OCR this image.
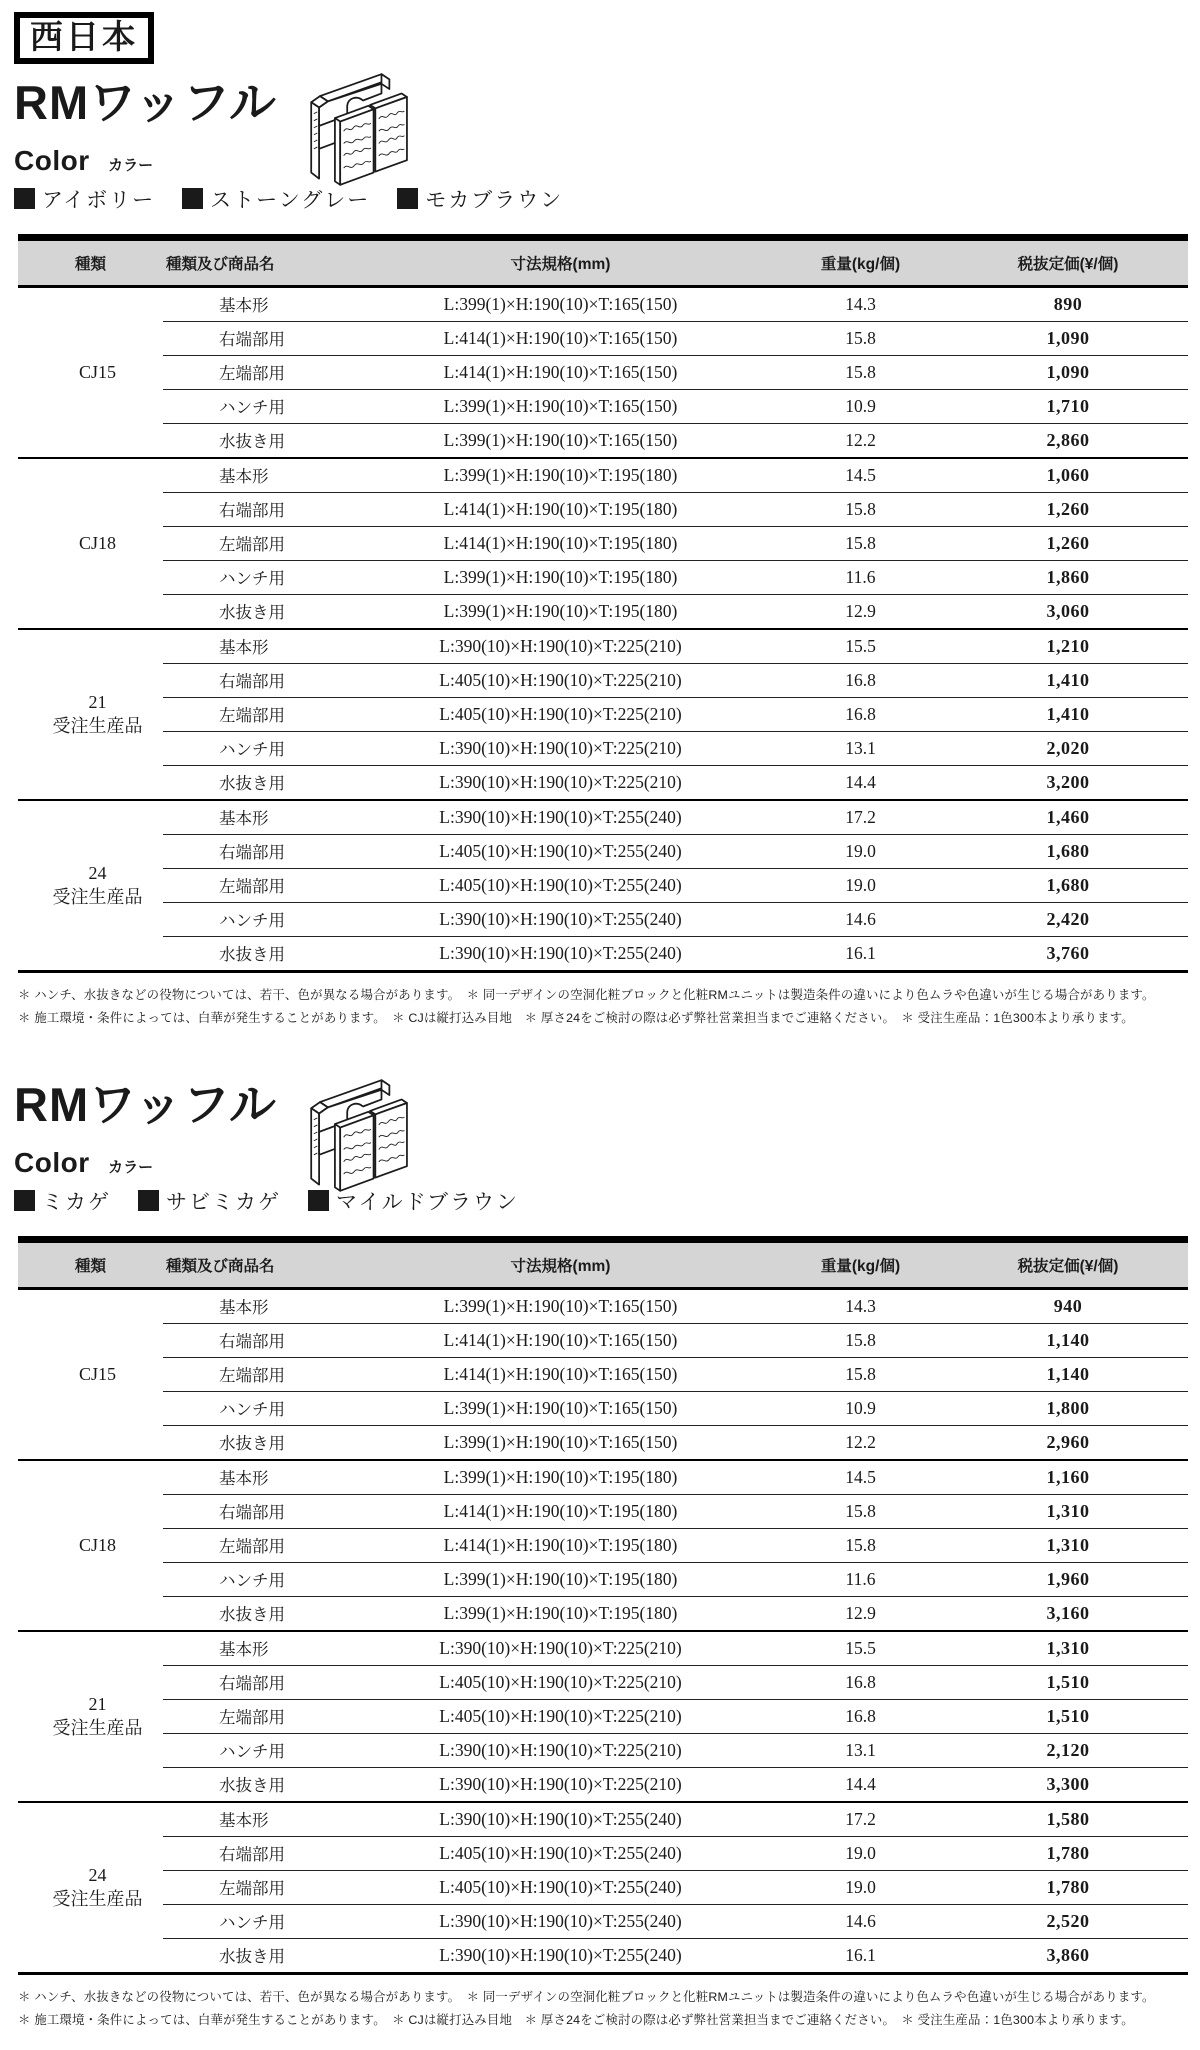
西日本
RMワッフル
Color カラー
アイボリー	ストーングレー	モカブラウン
種類	種類及び商品名	寸法規格(mm)	重量(kg/個)	税抜定価(¥/個)

CJ15	基本形	L:399(1)×H:190(10)×T:165(150)	14.3	890
	右端部用	L:414(1)×H:190(10)×T:165(150)	15.8	1,090
	左端部用	L:414(1)×H:190(10)×T:165(150)	15.8	1,090
	ハンチ用	L:399(1)×H:190(10)×T:165(150)	10.9	1,710
	水抜き用	L:399(1)×H:190(10)×T:165(150)	12.2	2,860

CJ18	基本形	L:399(1)×H:190(10)×T:195(180)	14.5	1,060
	右端部用	L:414(1)×H:190(10)×T:195(180)	15.8	1,260
	左端部用	L:414(1)×H:190(10)×T:195(180)	15.8	1,260
	ハンチ用	L:399(1)×H:190(10)×T:195(180)	11.6	1,860
	水抜き用	L:399(1)×H:190(10)×T:195(180)	12.9	3,060

21
受注生産品	基本形	L:390(10)×H:190(10)×T:225(210)	15.5	1,210
	右端部用	L:405(10)×H:190(10)×T:225(210)	16.8	1,410
	左端部用	L:405(10)×H:190(10)×T:225(210)	16.8	1,410
	ハンチ用	L:390(10)×H:190(10)×T:225(210)	13.1	2,020
	水抜き用	L:390(10)×H:190(10)×T:225(210)	14.4	3,200

24
受注生産品	基本形	L:390(10)×H:190(10)×T:255(240)	17.2	1,460
	右端部用	L:405(10)×H:190(10)×T:255(240)	19.0	1,680
	左端部用	L:405(10)×H:190(10)×T:255(240)	19.0	1,680
	ハンチ用	L:390(10)×H:190(10)×T:255(240)	14.6	2,420
	水抜き用	L:390(10)×H:190(10)×T:255(240)	16.1	3,760
＊ ハンチ、水抜きなどの役物については、若干、色が異なる場合があります。　＊ 同一デザインの空洞化粧ブロックと化粧RMユニットは製造条件の違いにより色ムラや色違いが生じる場合があります。
＊ 施工環境・条件によっては、白華が発生することがあります。　＊ CJは縦打込み目地　＊ 厚さ24をご検討の際は必ず弊社営業担当までご連絡ください。　＊ 受注生産品：1色300本より承ります。
RMワッフル
Color カラー
ミカゲ	サビミカゲ	マイルドブラウン
種類	種類及び商品名	寸法規格(mm)	重量(kg/個)	税抜定価(¥/個)

CJ15	基本形	L:399(1)×H:190(10)×T:165(150)	14.3	940
	右端部用	L:414(1)×H:190(10)×T:165(150)	15.8	1,140
	左端部用	L:414(1)×H:190(10)×T:165(150)	15.8	1,140
	ハンチ用	L:399(1)×H:190(10)×T:165(150)	10.9	1,800
	水抜き用	L:399(1)×H:190(10)×T:165(150)	12.2	2,960

CJ18	基本形	L:399(1)×H:190(10)×T:195(180)	14.5	1,160
	右端部用	L:414(1)×H:190(10)×T:195(180)	15.8	1,310
	左端部用	L:414(1)×H:190(10)×T:195(180)	15.8	1,310
	ハンチ用	L:399(1)×H:190(10)×T:195(180)	11.6	1,960
	水抜き用	L:399(1)×H:190(10)×T:195(180)	12.9	3,160

21
受注生産品	基本形	L:390(10)×H:190(10)×T:225(210)	15.5	1,310
	右端部用	L:405(10)×H:190(10)×T:225(210)	16.8	1,510
	左端部用	L:405(10)×H:190(10)×T:225(210)	16.8	1,510
	ハンチ用	L:390(10)×H:190(10)×T:225(210)	13.1	2,120
	水抜き用	L:390(10)×H:190(10)×T:225(210)	14.4	3,300

24
受注生産品	基本形	L:390(10)×H:190(10)×T:255(240)	17.2	1,580
	右端部用	L:405(10)×H:190(10)×T:255(240)	19.0	1,780
	左端部用	L:405(10)×H:190(10)×T:255(240)	19.0	1,780
	ハンチ用	L:390(10)×H:190(10)×T:255(240)	14.6	2,520
	水抜き用	L:390(10)×H:190(10)×T:255(240)	16.1	3,860
＊ ハンチ、水抜きなどの役物については、若干、色が異なる場合があります。　＊ 同一デザインの空洞化粧ブロックと化粧RMユニットは製造条件の違いにより色ムラや色違いが生じる場合があります。
＊ 施工環境・条件によっては、白華が発生することがあります。　＊ CJは縦打込み目地　＊ 厚さ24をご検討の際は必ず弊社営業担当までご連絡ください。　＊ 受注生産品：1色300本より承ります。
